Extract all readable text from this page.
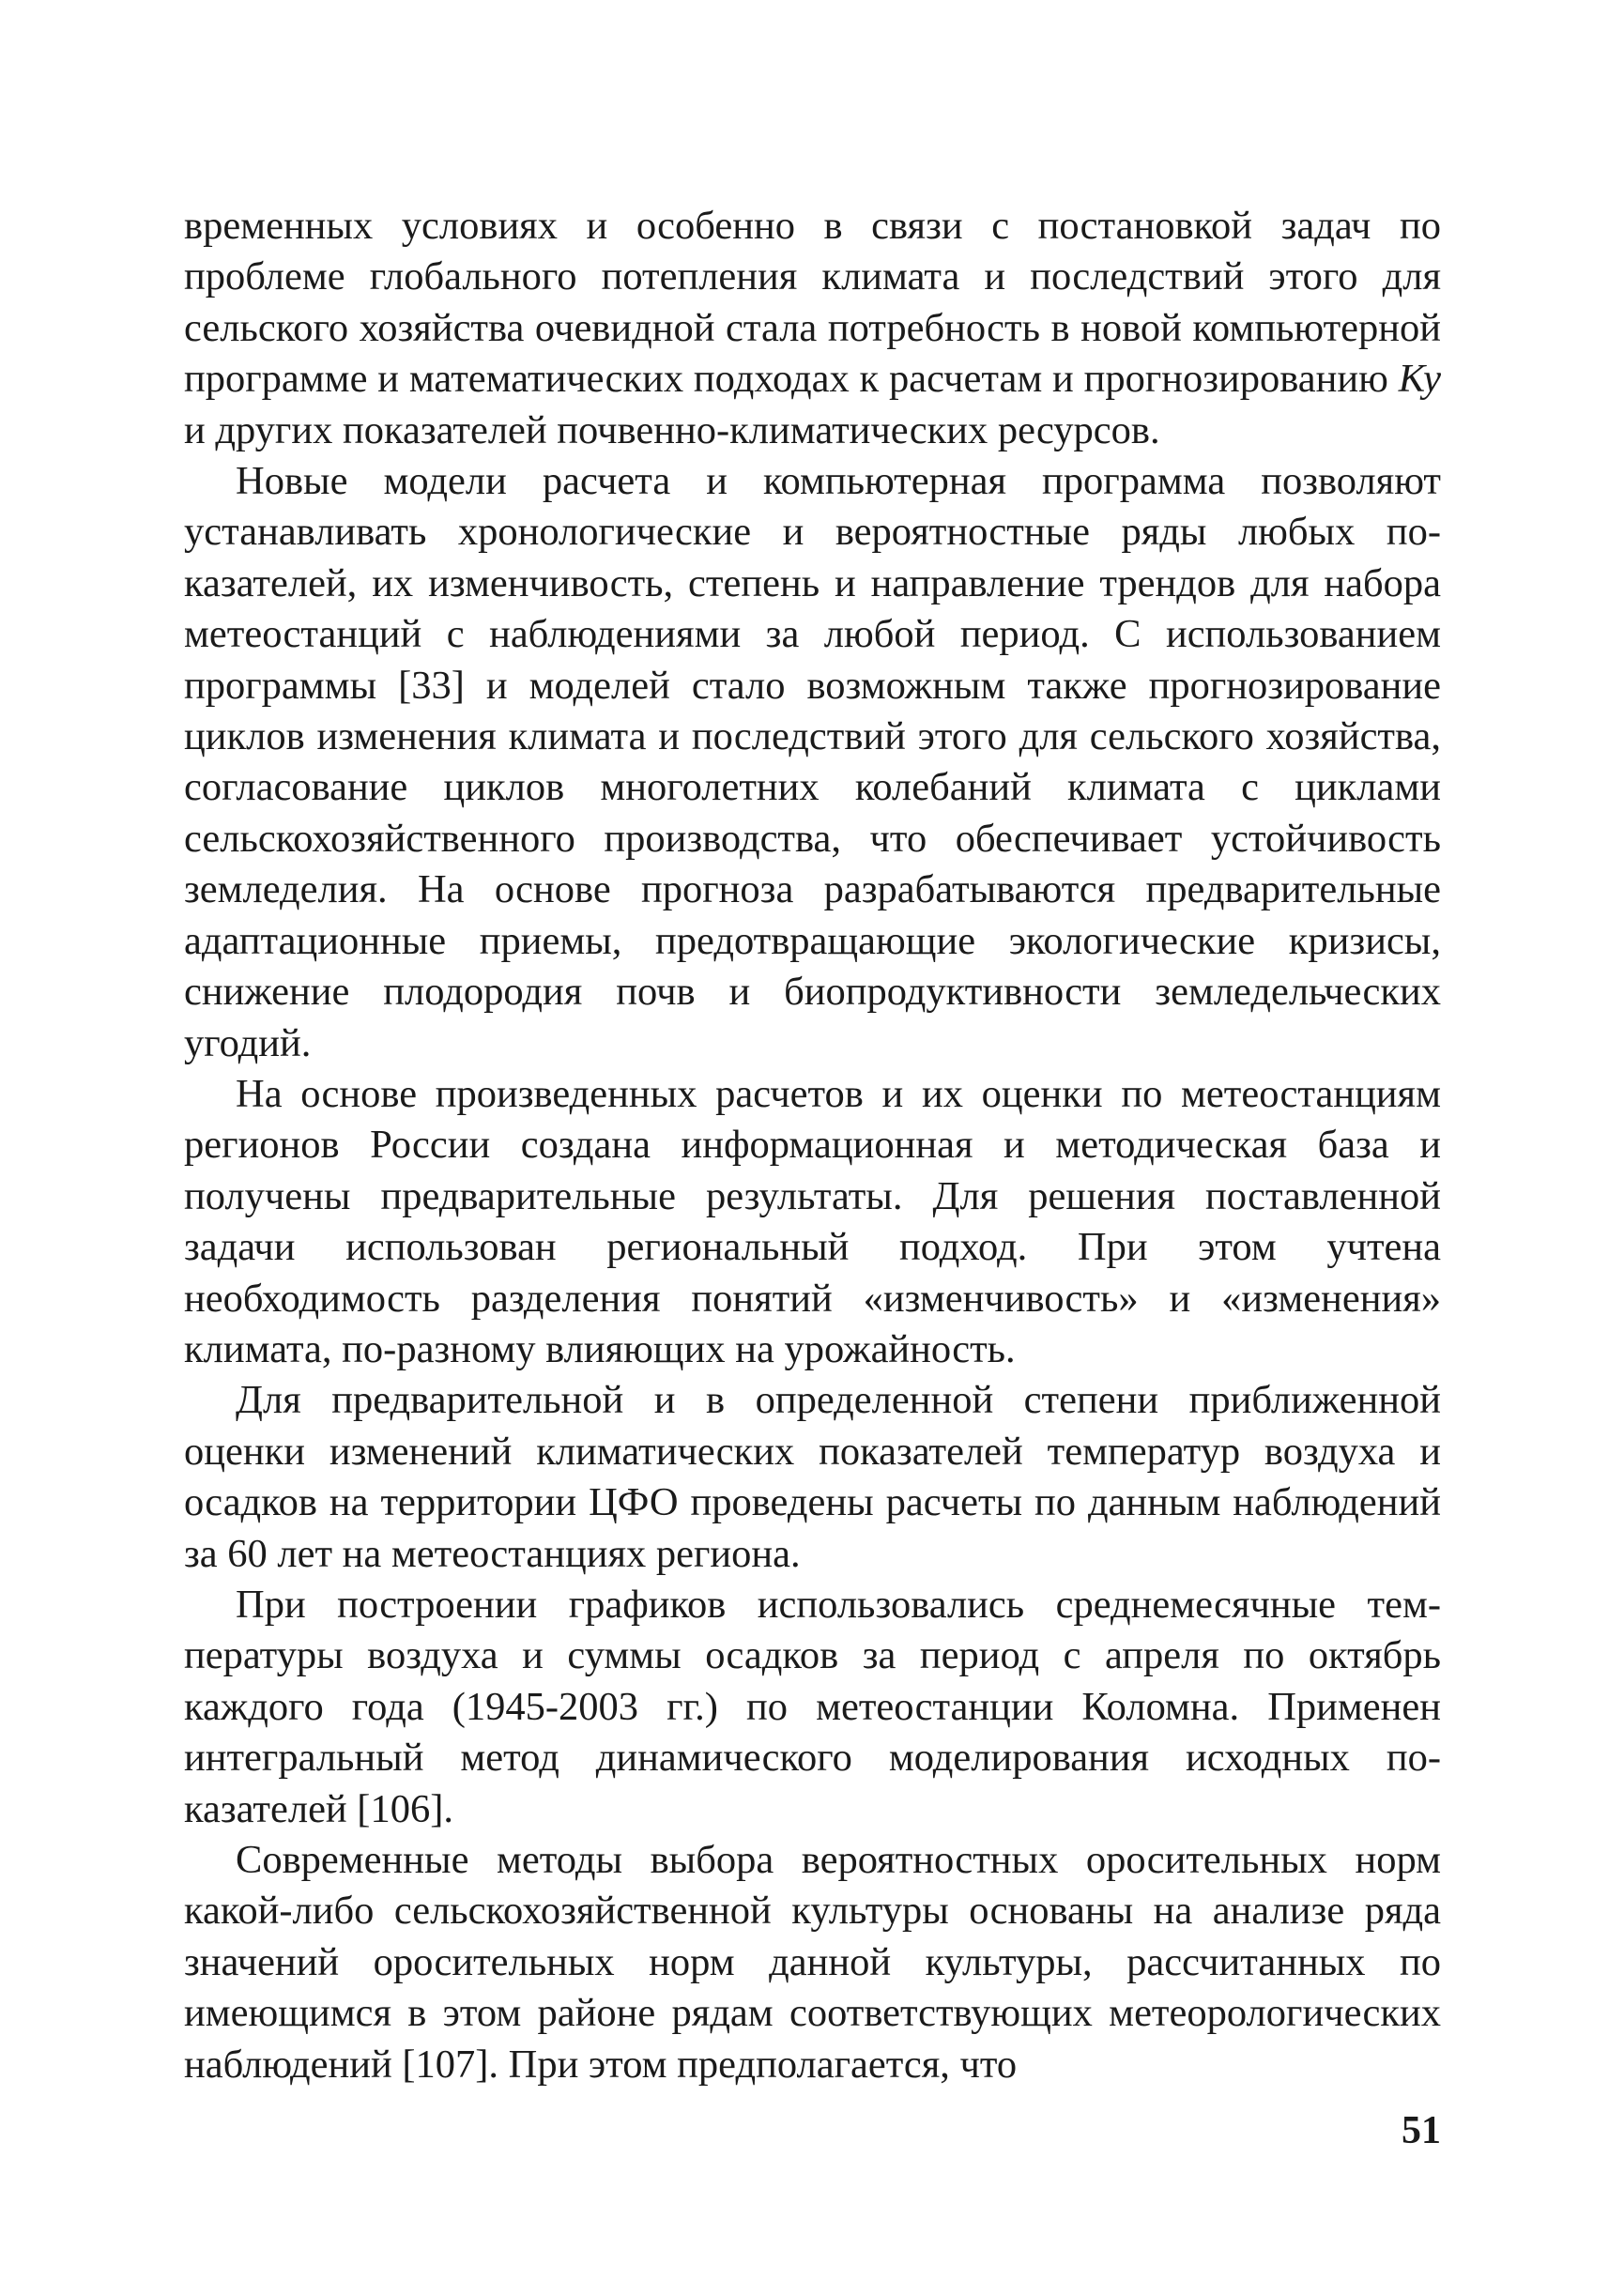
временных условиях и особенно в связи с постановкой задач по проблеме глобального потепления климата и последствий этого для сельского хозяйства очевидной стала потребность в новой компьютерной программе и математических подходах к расчетам и прогнозированию Ку и других показателей почвенно-климатических ресурсов.

Новые модели расчета и компьютерная программа позволяют устанавливать хронологические и вероятностные ряды любых показателей, их изменчивость, степень и направление трендов для набора метеостанций с наблюдениями за любой период. С использованием программы [33] и моделей стало возможным также прогнозирование циклов изменения климата и последствий этого для сельского хозяйства, согласование циклов многолетних колебаний климата с циклами сельскохозяйственного производства, что обеспечивает устойчивость земледелия. На основе прогноза разрабатываются предварительные адаптационные приемы, предотвращающие экологические кризисы, снижение плодородия почв и биопродуктивности земледельческих угодий.

На основе произведенных расчетов и их оценки по метеостанциям регионов России создана информационная и методическая база и получены предварительные результаты. Для решения поставленной задачи использован региональный подход. При этом учтена необходимость разделения понятий «изменчивость» и «изменения» климата, по-разному влияющих на урожайность.

Для предварительной и в определенной степени приближенной оценки изменений климатических показателей температур воздуха и осадков на территории ЦФО проведены расчеты по данным наблюдений за 60 лет на метеостанциях региона.

При построении графиков использовались среднемесячные температуры воздуха и суммы осадков за период с апреля по октябрь каждого года (1945-2003 гг.) по метеостанции Коломна. Применен интегральный метод динамического моделирования исходных показателей [106].

Современные методы выбора вероятностных оросительных норм какой-либо сельскохозяйственной культуры основаны на анализе ряда значений оросительных норм данной культуры, рассчитанных по имеющимся в этом районе рядам соответствующих метеорологических наблюдений [107]. При этом предполагается, что

51
